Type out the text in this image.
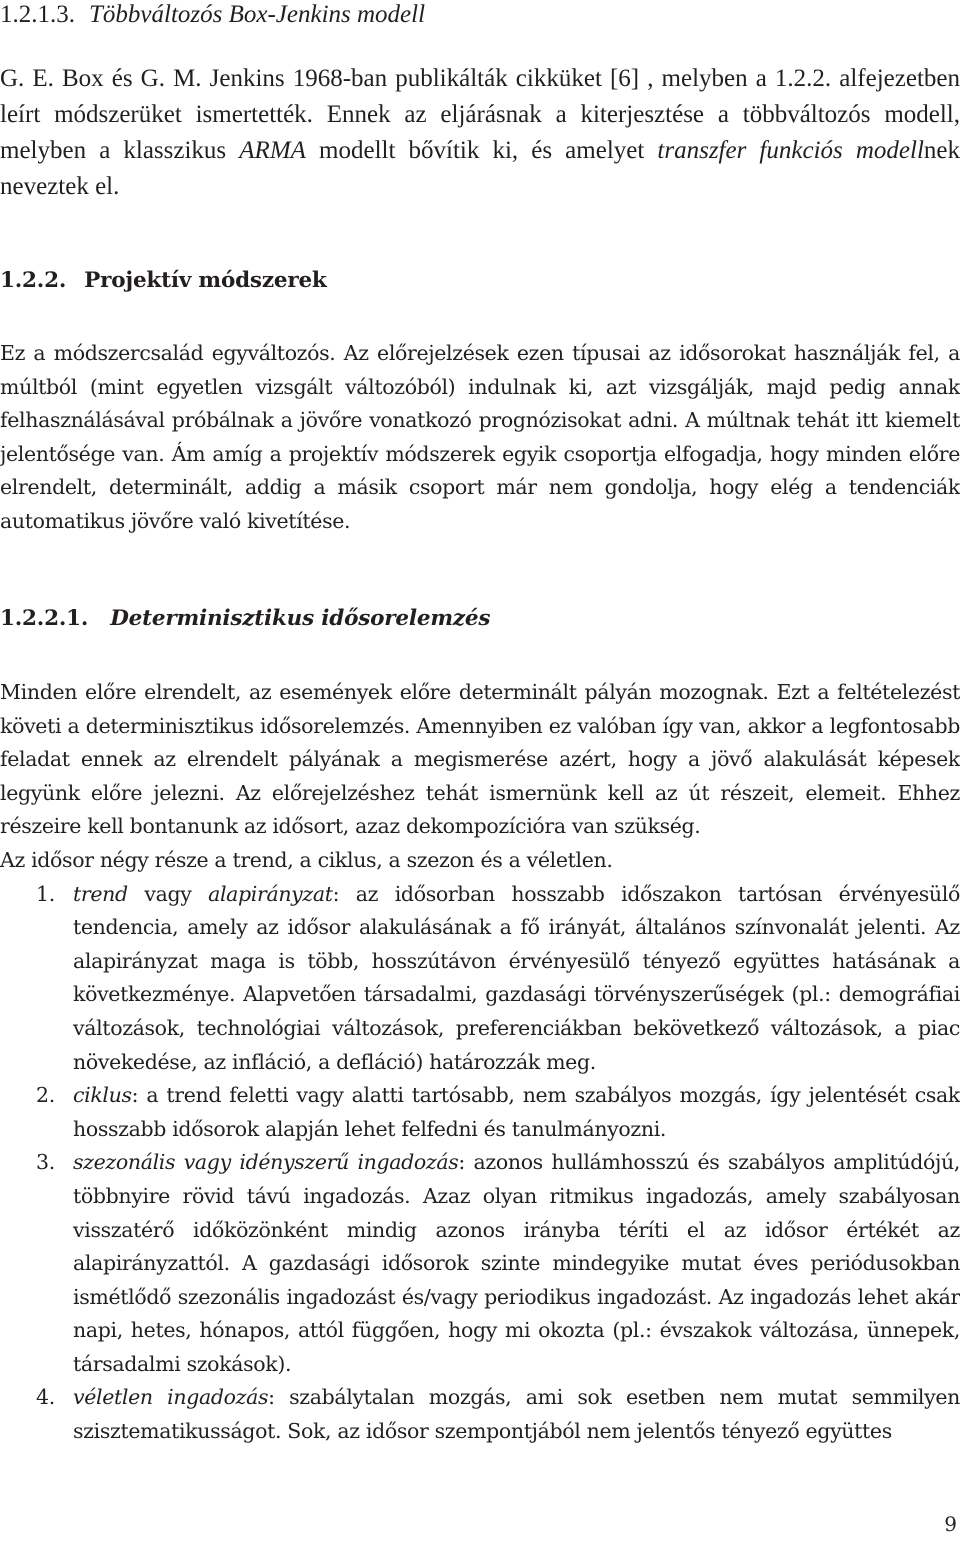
1.2.1.3. Többváltozós Box-Jenkins modell

G. E. Box és G. M. Jenkins 1968-ban publikálták cikküket [6] , melyben a 1.2.2. alfejezetben leírt módszerüket ismertették. Ennek az eljárásnak a kiterjesztése a többváltozós modell, melyben a klasszikus ARMA modellt bővítik ki, és amelyet transzfer funkciós modellnek neveztek el.

1.2.2. Projektív módszerek

Ez a módszercsalád egyváltozós. Az előrejelzések ezen típusai az idősorokat használják fel, a múltból (mint egyetlen vizsgált változóból) indulnak ki, azt vizsgálják, majd pedig annak felhasználásával próbálnak a jövőre vonatkozó prognózisokat adni. A múltnak tehát itt kiemelt jelentősége van. Ám amíg a projektív módszerek egyik csoportja elfogadja, hogy minden előre elrendelt, determinált, addig a másik csoport már nem gondolja, hogy elég a tendenciák automatikus jövőre való kivetítése.

1.2.2.1. Determinisztikus idősorelemzés

Minden előre elrendelt, az események előre determinált pályán mozognak. Ezt a feltételezést követi a determinisztikus idősorelemzés. Amennyiben ez valóban így van, akkor a legfontosabb feladat ennek az elrendelt pályának a megismerése azért, hogy a jövő alakulását képesek legyünk előre jelezni. Az előrejelzéshez tehát ismernünk kell az út részeit, elemeit. Ehhez részeire kell bontanunk az idősort, azaz dekompozícióra van szükség.

Az idősor négy része a trend, a ciklus, a szezon és a véletlen.

1. trend vagy alapirányzat: az idősorban hosszabb időszakon tartósan érvényesülő tendencia, amely az idősor alakulásának a fő irányát, általános színvonalát jelenti. Az alapirányzat maga is több, hosszútávon érvényesülő tényező együttes hatásának a következménye. Alapvetően társadalmi, gazdasági törvényszerűségek (pl.: demográfiai változások, technológiai változások, preferenciákban bekövetkező változások, a piac növekedése, az infláció, a defláció) határozzák meg.
2. ciklus: a trend feletti vagy alatti tartósabb, nem szabályos mozgás, így jelentését csak hosszabb idősorok alapján lehet felfedni és tanulmányozni.
3. szezonális vagy idényszerű ingadozás: azonos hullámhosszú és szabályos amplitúdójú, többnyire rövid távú ingadozás. Azaz olyan ritmikus ingadozás, amely szabályosan visszatérő időközönként mindig azonos irányba téríti el az idősor értékét az alapirányzattól. A gazdasági idősorok szinte mindegyike mutat éves periódusokban ismétlődő szezonális ingadozást és/vagy periodikus ingadozást. Az ingadozás lehet akár napi, hetes, hónapos, attól függően, hogy mi okozta (pl.: évszakok változása, ünnepek, társadalmi szokások).
4. véletlen ingadozás: szabálytalan mozgás, ami sok esetben nem mutat semmilyen szisztematikusságot. Sok, az idősor szempontjából nem jelentős tényező együttes
9
